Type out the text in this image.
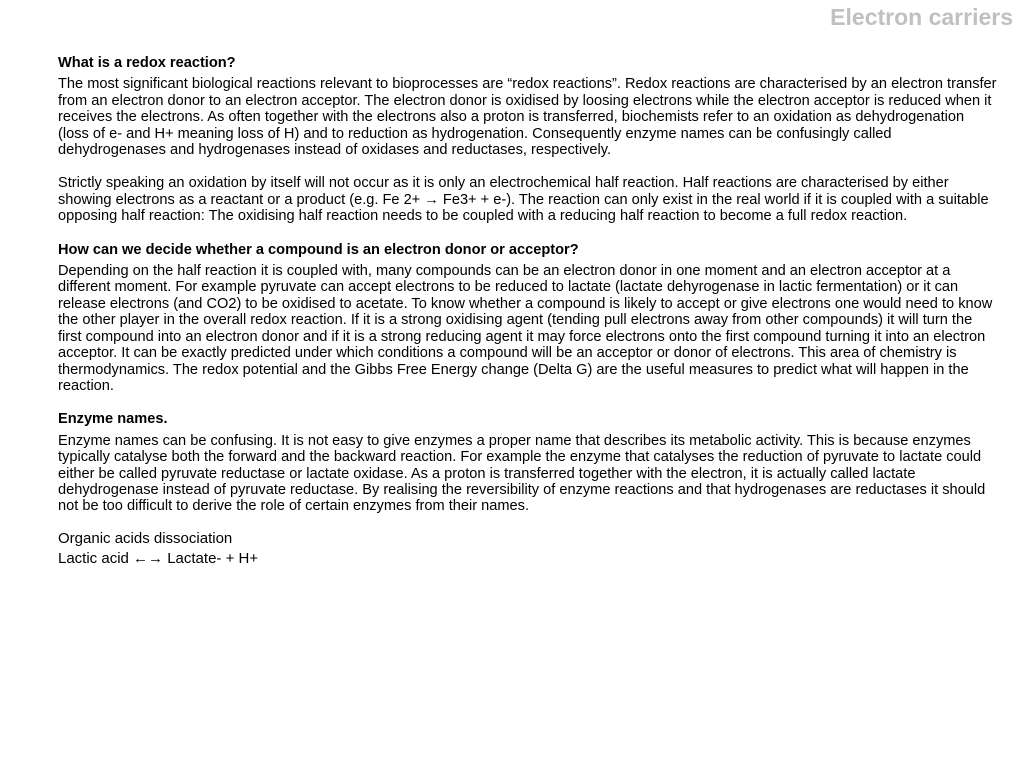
Electron carriers

What is a redox reaction?

The most significant biological reactions relevant to bioprocesses are “redox reactions”. Redox reactions are characterised by an electron transfer from an electron donor to an electron acceptor. The electron donor is oxidised by loosing electrons while the electron acceptor is reduced when it receives the electrons. As often together with the electrons also a proton is transferred, biochemists refer to an oxidation as dehydrogenation (loss of e- and H+ meaning loss of H) and to reduction as hydrogenation. Consequently enzyme names can be confusingly called dehydrogenases and hydrogenases instead of oxidases and reductases, respectively.

Strictly speaking an oxidation by itself will not occur as it is only an electrochemical half reaction. Half reactions are characterised by either showing electrons as a reactant or a product (e.g. Fe 2+ → Fe3+ + e-). The reaction can only exist in the real world if it is coupled with a suitable opposing half reaction: The oxidising half reaction needs to be coupled with a reducing half reaction to become a full redox reaction.

How can we decide whether a compound is an electron donor or acceptor?

Depending on the half reaction it is coupled with, many compounds can be an electron donor in one moment and an electron acceptor at a different moment. For example pyruvate can accept electrons to be reduced to lactate (lactate dehyrogenase in lactic fermentation) or it can release electrons (and CO2) to be oxidised to acetate. To know whether a compound is likely to accept or give electrons one would need to know the other player in the overall redox reaction. If it is a strong oxidising agent (tending pull electrons away from other compounds) it will turn the first compound into an electron donor and if it is a strong reducing agent it may force electrons onto the first compound turning it into an electron acceptor. It can be exactly predicted under which conditions a compound will be an acceptor or donor of electrons. This area of chemistry is thermodynamics. The redox potential and the Gibbs Free Energy change (Delta G) are the useful measures to predict what will happen in the reaction.

Enzyme names.

Enzyme names can be confusing. It is not easy to give enzymes a proper name that describes its metabolic activity. This is because enzymes typically catalyse both the forward and the backward reaction. For example the enzyme that catalyses the reduction of pyruvate to lactate could either be called pyruvate reductase or lactate oxidase. As a proton is transferred together with the electron, it is actually called lactate dehydrogenase instead of pyruvate reductase. By realising the reversibility of enzyme reactions and that hydrogenases are reductases it should not be too difficult to derive the role of certain enzymes from their names.

Organic acids dissociation

Lactic acid ←→ Lactate- + H+
